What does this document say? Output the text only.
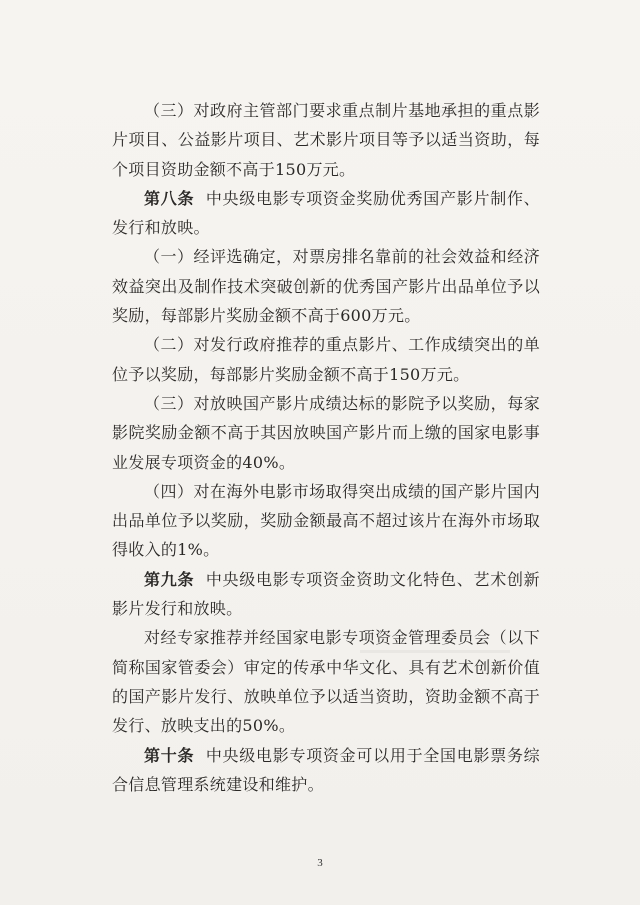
（三）对政府主管部门要求重点制片基地承担的重点影片项目、公益影片项目、艺术影片项目等予以适当资助，每个项目资助金额不高于150万元。

第八条 中央级电影专项资金奖励优秀国产影片制作、发行和放映。

（一）经评选确定，对票房排名靠前的社会效益和经济效益突出及制作技术突破创新的优秀国产影片出品单位予以奖励，每部影片奖励金额不高于600万元。

（二）对发行政府推荐的重点影片、工作成绩突出的单位予以奖励，每部影片奖励金额不高于150万元。

（三）对放映国产影片成绩达标的影院予以奖励，每家影院奖励金额不高于其因放映国产影片而上缴的国家电影事业发展专项资金的40%。

（四）对在海外电影市场取得突出成绩的国产影片国内出品单位予以奖励，奖励金额最高不超过该片在海外市场取得收入的1%。

第九条 中央级电影专项资金资助文化特色、艺术创新影片发行和放映。

对经专家推荐并经国家电影专项资金管理委员会（以下简称国家管委会）审定的传承中华文化、具有艺术创新价值的国产影片发行、放映单位予以适当资助，资助金额不高于发行、放映支出的50%。

第十条 中央级电影专项资金可以用于全国电影票务综合信息管理系统建设和维护。

3
